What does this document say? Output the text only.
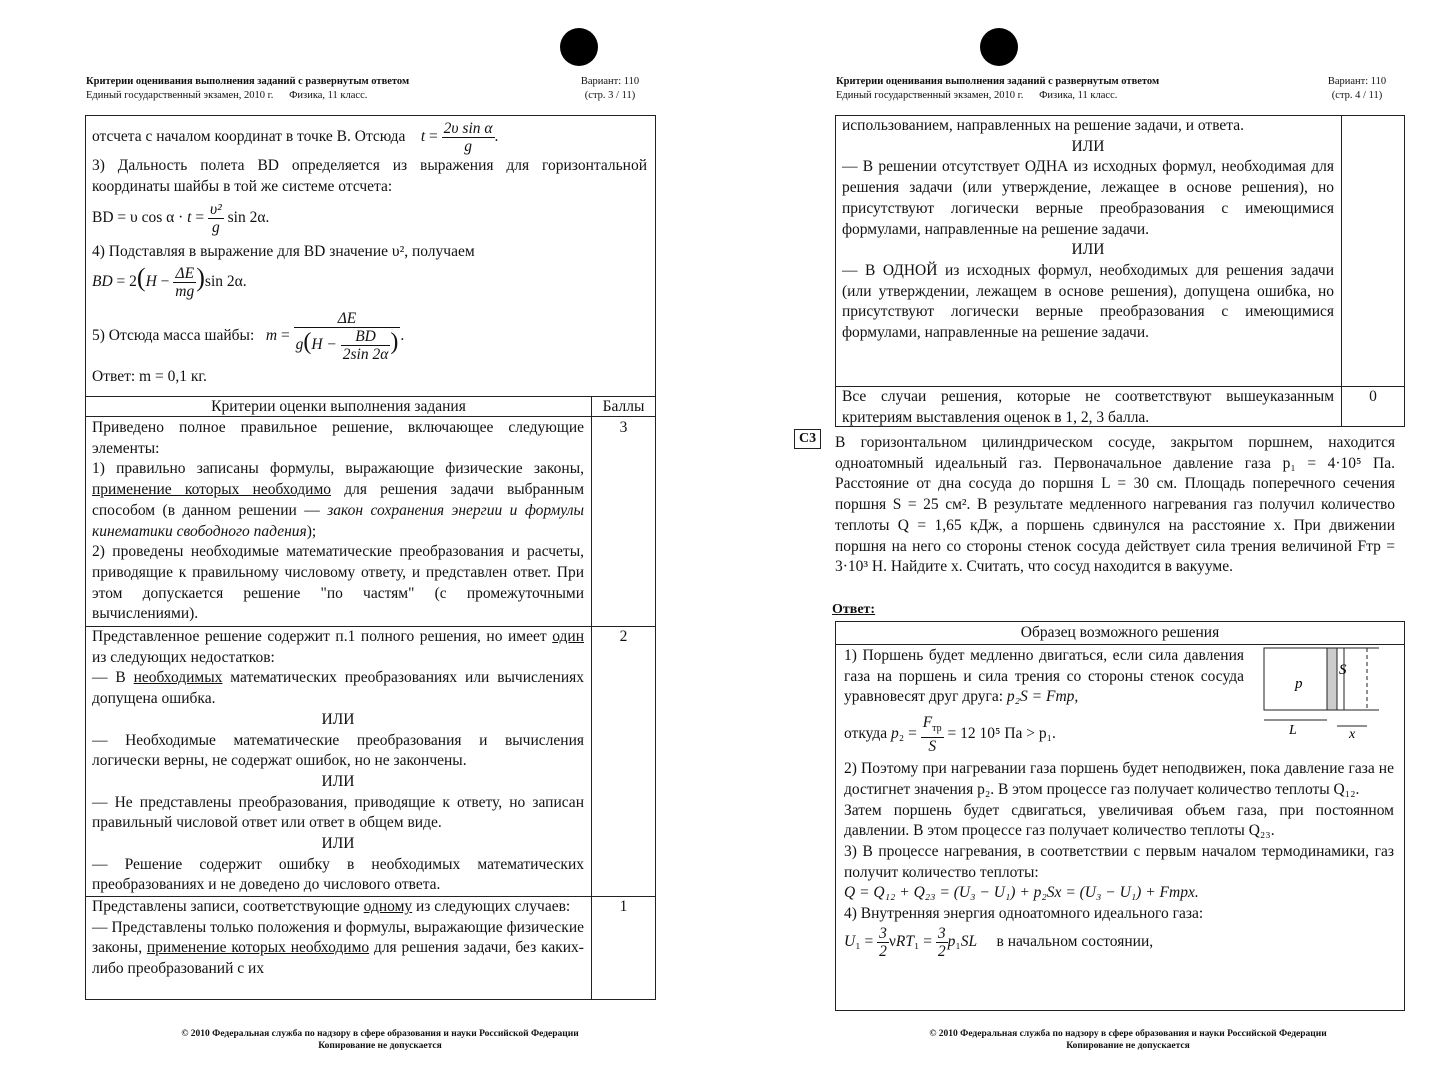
Критерии оценивания выполнения заданий с развернутым ответом
Единый государственный экзамен, 2010 г. Физика, 11 класс.
Вариант: 110
(стр. 3 / 11)

отсчета с началом координат в точке B. Отсюда $t = \frac{\text{2υ sin α}}{g}$ .

3) Дальность полета BD определяется из выражения для горизонтальной координаты шайбы в той же системе отсчета:

BD = υ $\cos \alpha \cdot t = \frac{\text{υ²}}{g}$ sin 2α.

4) Подставляя в выражение для BD значение υ², получаем

BD = $2(H - \frac{\Delta E}{mg} )\sin$ 2α.

5) Отсюда масса шайбы: $m = \frac{\Delta E}{g(H - \frac{BD}{2\sin 2\alpha} )}$ .

Ответ: m = 0,1 кг.

Критерии оценки выполнения задания	Баллы

Приведено полное правильное решение, включающее следующие элементы:

1) правильно записаны формулы, выражающие физические законы, применение которых необходимо для решения задачи выбранным способом (в данном решении — закон сохранения энергии и формулы кинематики свободного падения);

2) проведены необходимые математические преобразования и расчеты, приводящие к правильному числовому ответу, и представлен ответ. При этом допускается решение "по частям" (с промежуточными вычислениями).

3

Представленное решение содержит п.1 полного решения, но имеет один из следующих недостатков:

— В необходимых математических преобразованиях или вычислениях допущена ошибка.

ИЛИ

— Необходимые математические преобразования и вычисления логически верны, не содержат ошибок, но не закончены.

ИЛИ

— Не представлены преобразования, приводящие к ответу, но записан правильный числовой ответ или ответ в общем виде.

ИЛИ

— Решение содержит ошибку в необходимых математических преобразованиях и не доведено до числового ответа.

2

Представлены записи, соответствующие одному из следующих случаев:

— Представлены только положения и формулы, выражающие физические законы, применение которых необходимо для решения задачи, без каких-либо преобразований с их

1
© 2010 Федеральная служба по надзору в сфере образования и науки Российской Федерации
Копирование не допускается
Критерии оценивания выполнения заданий с развернутым ответом
Единый государственный экзамен, 2010 г. Физика, 11 класс.
Вариант: 110
(стр. 4 / 11)

использованием, направленных на решение задачи, и ответа.

ИЛИ

— В решении отсутствует ОДНА из исходных формул, необходимая для решения задачи (или утверждение, лежащее в основе решения), но присутствуют логически верные преобразования с имеющимися формулами, направленные на решение задачи.

ИЛИ

— В ОДНОЙ из исходных формул, необходимых для решения задачи (или утверждении, лежащем в основе решения), допущена ошибка, но присутствуют логически верные преобразования с имеющимися формулами, направленные на решение задачи.

Все случаи решения, которые не соответствуют вышеуказанным критериям выставления оценок в 1, 2, 3 балла.
0
C3	В горизонтальном цилиндрическом сосуде, закрытом поршнем, находится одноатомный идеальный газ. Первоначальное давление газа p₁ = 4·10⁵ Па. Расстояние от дна сосуда до поршня L = 30 см. Площадь поперечного сечения поршня S = 25 см². В результате медленного нагревания газ получил количество теплоты Q = 1,65 кДж, а поршень сдвинулся на расстояние x. При движении поршня на него со стороны стенок сосуда действует сила трения величиной Fтр = 3·10³ Н. Найдите x. Считать, что сосуд находится в вакууме.
Ответ:
Образец возможного решения

1) Поршень будет медленно двигаться, если сила давления газа на поршень и сила трения со стороны стенок сосуда уравновесят друг друга: p₂S = Fтр,

p
S
L	x

откуда p₂ =
$F_{тр}$
S
= 12 10⁵ Па > p₁.

2) Поэтому при нагревании газа поршень будет неподвижен, пока давление газа не достигнет значения p₂. В этом процессе газ получает количество теплоты Q₁₂.

Затем поршень будет сдвигаться, увеличивая объем газа, при постоянном давлении. В этом процессе газ получает количество теплоты Q₂₃.

3) В процессе нагревания, в соответствии с первым началом термодинамики, газ получит количество теплоты:

Q = Q₁₂ + Q₂₃ = (U₃ − U₁) + p₂Sx = (U₃ − U₁) + Fтрx.

4) Внутренняя энергия одноатомного идеального газа:

$U_1 = \frac{3}{2} \nu RT_1 = \frac{3}{2} p_1SL$ в начальном состоянии,

© 2010 Федеральная служба по надзору в сфере образования и науки Российской Федерации
Копирование не допускается
